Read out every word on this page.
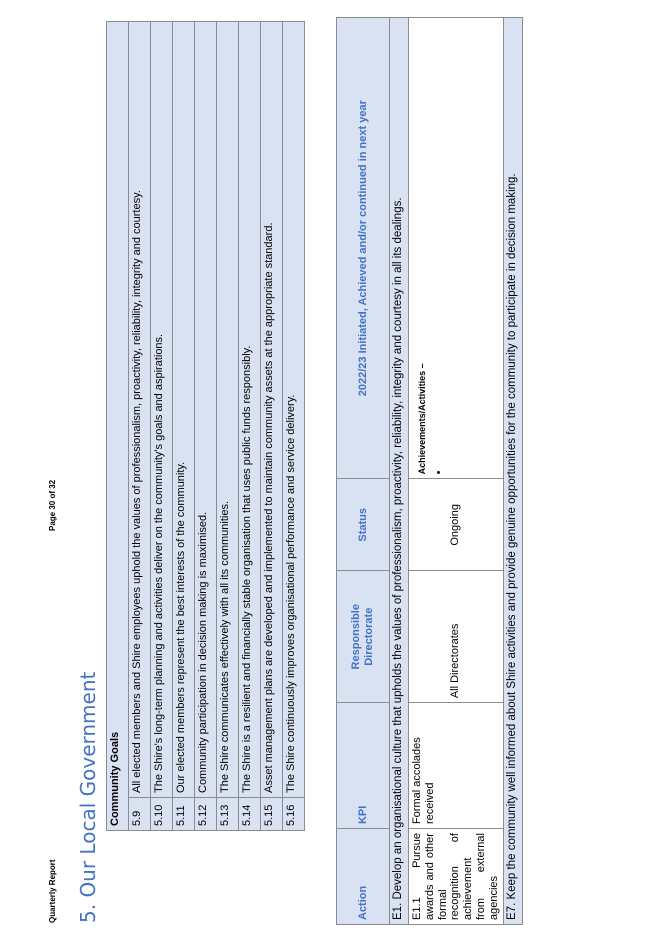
Quarterly Report
Page 30 of 32
5. Our Local Government Community Goals	
5.9	All elected members and Shire employees uphold the values of professionalism, proactivity, reliability, integrity and courtesy.
5.10	The Shire's long-term planning and activities deliver on the community's goals and aspirations.
5.11	Our elected members represent the best interests of the community.
5.12	Community participation in decision making is maximised.
5.13	The Shire communicates effectively with all its communities.
5.14	The Shire is a resilient and financially stable organisation that uses public funds responsibly.
5.15	Asset management plans are developed and implemented to maintain community assets at the appropriate standard.
5.16	The Shire continuously improves organisational performance and service delivery.
Action	KPI	Responsible Directorate	Status	2022/23 Initiated, Achieved and/or continued in next year
E1. Develop an organisational culture that upholds the values of professionalism, proactivity, reliability, integrity and courtesy in all its dealings.				
E1.1 Pursue awards and other formal recognition of achievement from external agencies	Formal accolades received	All Directorates	Ongoing	Achievements/Activities – •

E7. Keep the community well informed about Shire activities and provide genuine opportunities for the community to participate in decision making.				
